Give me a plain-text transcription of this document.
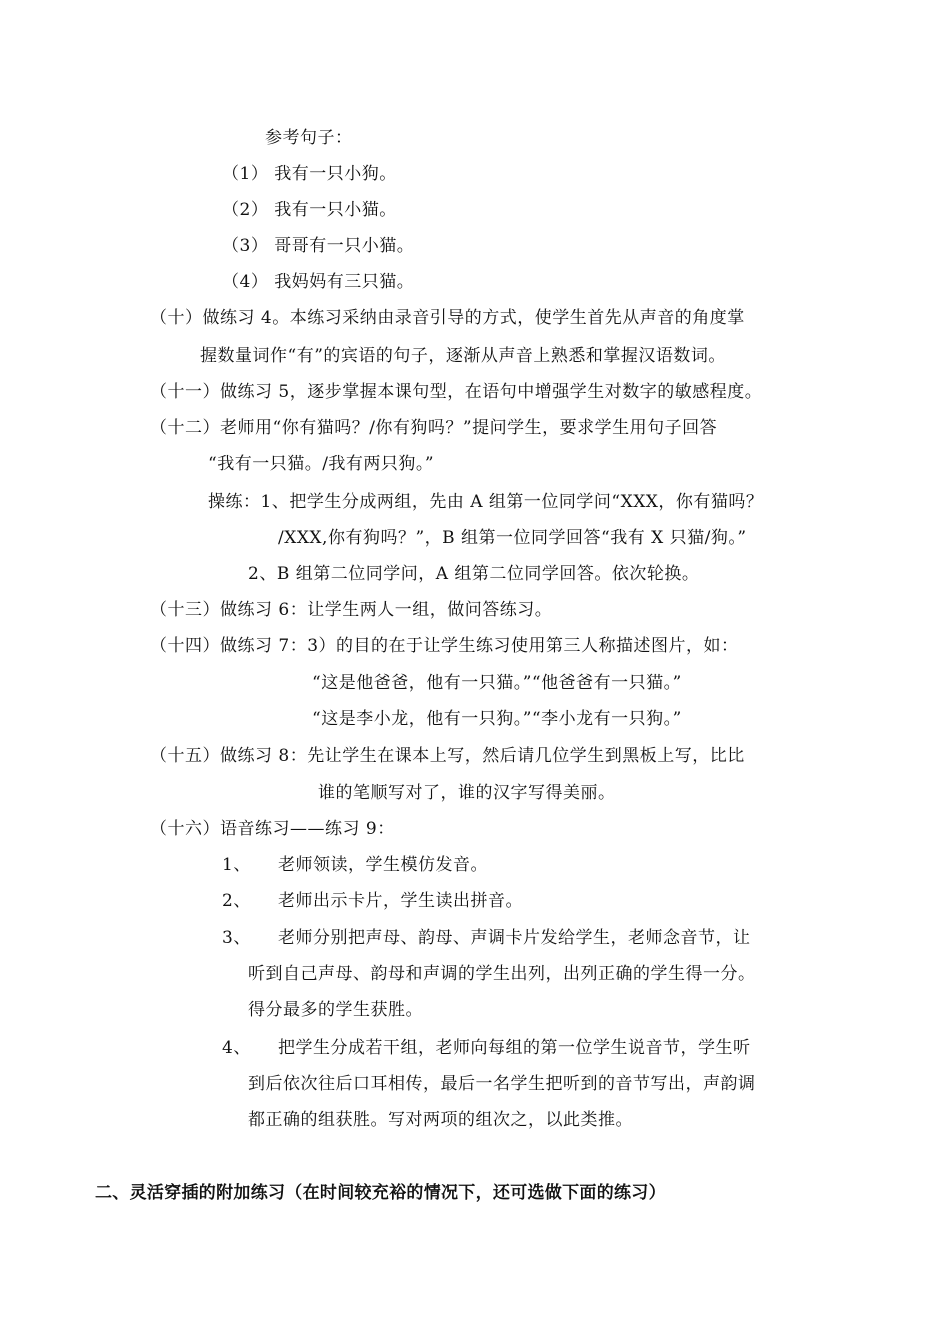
参考句子：
（1） 我有一只小狗。
（2） 我有一只小猫。
（3） 哥哥有一只小猫。
（4） 我妈妈有三只猫。
（十）做练习 4。本练习采纳由录音引导的方式，使学生首先从声音的角度掌
握数量词作“有”的宾语的句子，逐渐从声音上熟悉和掌握汉语数词。
（十一）做练习 5，逐步掌握本课句型，在语句中增强学生对数字的敏感程度。
（十二）老师用“你有猫吗？/你有狗吗？”提问学生，要求学生用句子回答
“我有一只猫。/我有两只狗。”
操练：1、把学生分成两组，先由 A 组第一位同学问“XXX，你有猫吗？
/XXX,你有狗吗？”，B 组第一位同学回答“我有 X 只猫/狗。”
2、B 组第二位同学问，A 组第二位同学回答。依次轮换。
（十三）做练习 6：让学生两人一组，做问答练习。
（十四）做练习 7：3）的目的在于让学生练习使用第三人称描述图片，如：
“这是他爸爸，他有一只猫。”“他爸爸有一只猫。”
“这是李小龙，他有一只狗。”“李小龙有一只狗。”
（十五）做练习 8：先让学生在课本上写，然后请几位学生到黑板上写，比比
谁的笔顺写对了，谁的汉字写得美丽。
（十六）语音练习——练习 9：
1、 老师领读，学生模仿发音。
2、 老师出示卡片，学生读出拼音。
3、 老师分别把声母、韵母、声调卡片发给学生，老师念音节，让
听到自己声母、韵母和声调的学生出列，出列正确的学生得一分。
得分最多的学生获胜。
4、 把学生分成若干组，老师向每组的第一位学生说音节，学生听
到后依次往后口耳相传，最后一名学生把听到的音节写出，声韵调
都正确的组获胜。写对两项的组次之，以此类推。
二、灵活穿插的附加练习（在时间较充裕的情况下，还可选做下面的练习）
